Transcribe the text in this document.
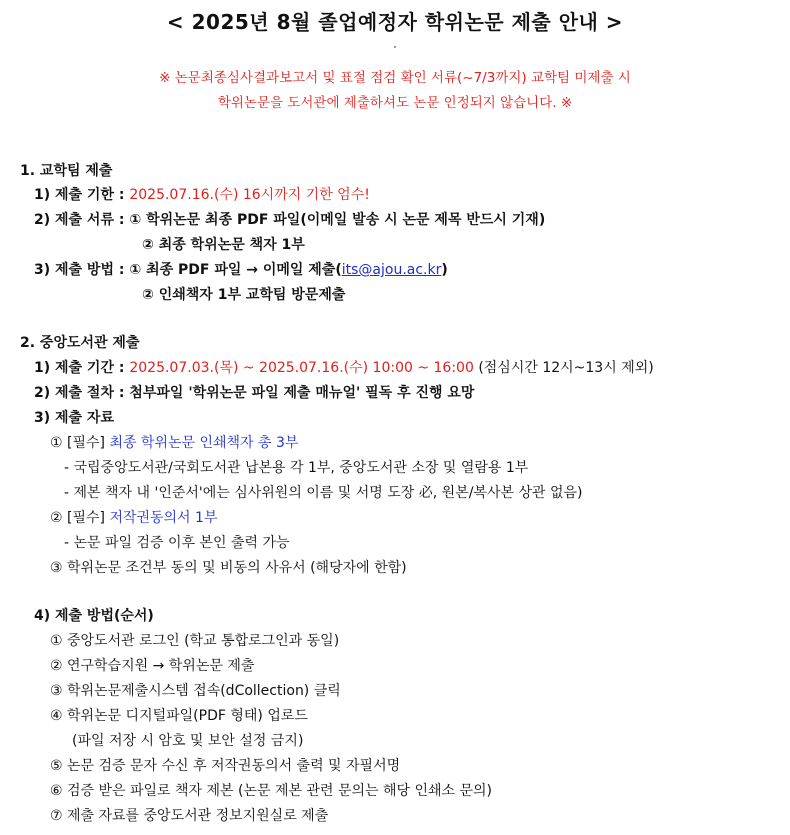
< 2025년 8월 졸업예정자 학위논문 제출 안내 >
※ 논문최종심사결과보고서 및 표절 점검 확인 서류(~7/3까지) 교학팀 미제출 시
학위논문을 도서관에 제출하셔도 논문 인정되지 않습니다. ※
1. 교학팀 제출
1) 제출 기한 : 2025.07.16.(수) 16시까지 기한 엄수!
2) 제출 서류 : ① 학위논문 최종 PDF 파일(이메일 발송 시 논문 제목 반드시 기재)
② 최종 학위논문 책자 1부
3) 제출 방법 : ① 최종 PDF 파일 → 이메일 제출(its@ajou.ac.kr)
② 인쇄책자 1부 교학팀 방문제출
2. 중앙도서관 제출
1) 제출 기간 : 2025.07.03.(목) ~ 2025.07.16.(수) 10:00 ~ 16:00 (점심시간 12시~13시 제외)
2) 제출 절차 : 첨부파일 '학위논문 파일 제출 매뉴얼' 필독 후 진행 요망
3) 제출 자료
① [필수] 최종 학위논문 인쇄책자 총 3부
- 국립중앙도서관/국회도서관 납본용 각 1부, 중앙도서관 소장 및 열람용 1부
- 제본 책자 내 '인준서'에는 심사위원의 이름 및 서명 도장 必, 원본/복사본 상관 없음)
② [필수] 저작권동의서 1부
- 논문 파일 검증 이후 본인 출력 가능
③ 학위논문 조건부 동의 및 비동의 사유서 (해당자에 한함)
4) 제출 방법(순서)
① 중앙도서관 로그인 (학교 통합로그인과 동일)
② 연구학습지원 → 학위논문 제출
③ 학위논문제출시스템 접속(dCollection) 클릭
④ 학위논문 디지털파일(PDF 형태) 업로드
(파일 저장 시 암호 및 보안 설정 금지)
⑤ 논문 검증 문자 수신 후 저작권동의서 출력 및 자필서명
⑥ 검증 받은 파일로 책자 제본 (논문 제본 관련 문의는 해당 인쇄소 문의)
⑦ 제출 자료를 중앙도서관 정보지원실로 제출
